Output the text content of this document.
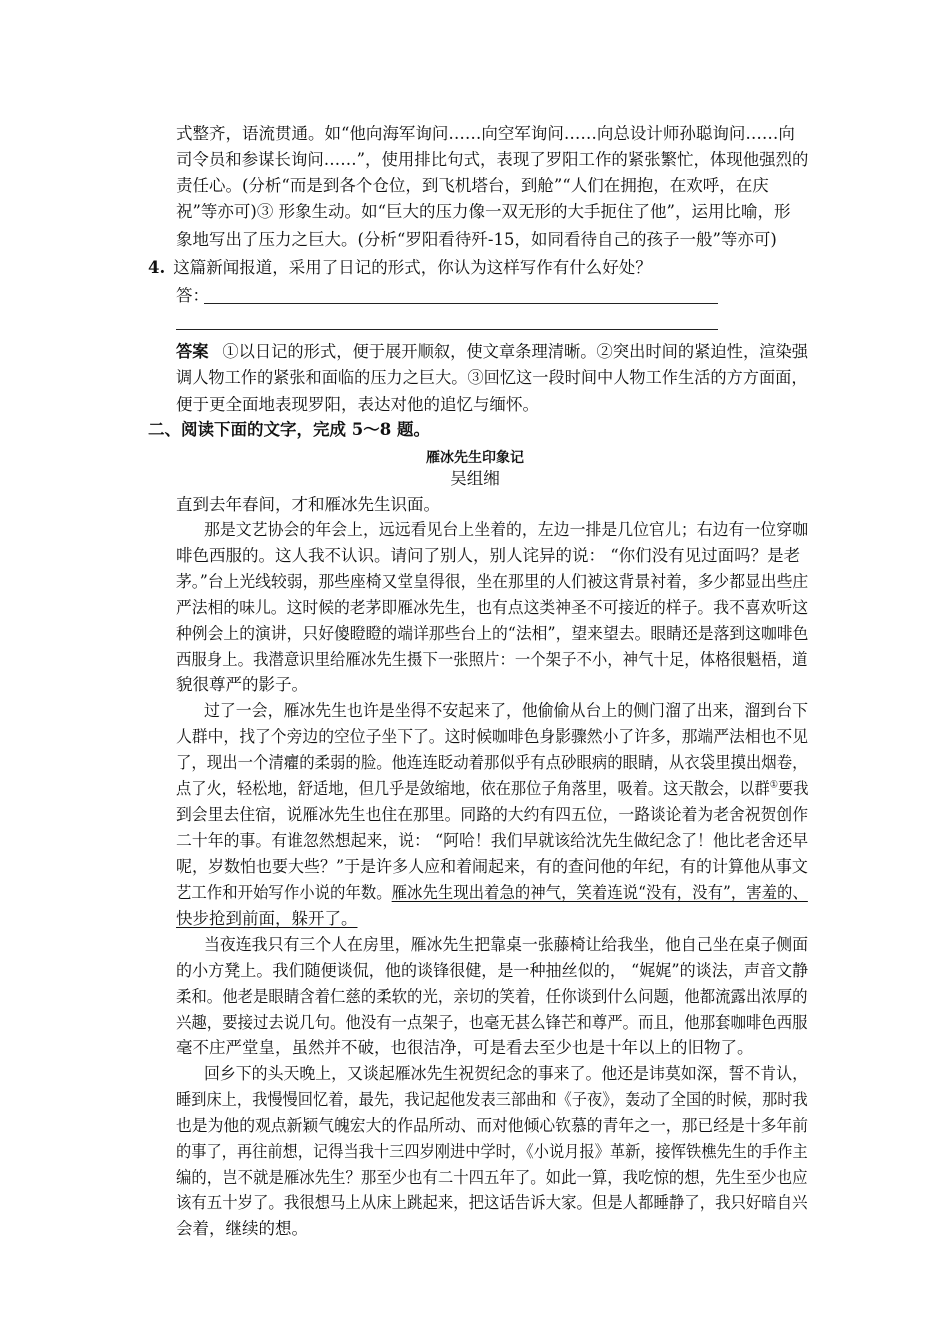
式整齐，语流贯通。如“他向海军询问……向空军询问……向总设计师孙聪询问……向
司令员和参谋长询问……”，使用排比句式，表现了罗阳工作的紧张繁忙，体现他强烈的
责任心。(分析“而是到各个仓位，到飞机塔台，到舱”“人们在拥抱，在欢呼，在庆
祝”等亦可)③ 形象生动。如“巨大的压力像一双无形的大手扼住了他”，运用比喻，形
象地写出了压力之巨大。(分析“罗阳看待歼-15，如同看待自己的孩子一般”等亦可)
4. 这篇新闻报道，采用了日记的形式，你认为这样写作有什么好处？
答：
答案 ①以日记的形式，便于展开顺叙，使文章条理清晰。②突出时间的紧迫性，渲染强
调人物工作的紧张和面临的压力之巨大。③回忆这一段时间中人物工作生活的方方面面，
便于更全面地表现罗阳，表达对他的追忆与缅怀。
二、阅读下面的文字，完成 5～8 题。
雁冰先生印象记
吴组缃
直到去年春间，才和雁冰先生识面。
那是文艺协会的年会上，远远看见台上坐着的，左边一排是几位官儿；右边有一位穿咖
啡色西服的。这人我不认识。请问了别人，别人诧异的说： “你们没有见过面吗？是老
茅。”台上光线较弱，那些座椅又堂皇得很，坐在那里的人们被这背景衬着，多少都显出些庄
严法相的味儿。这时候的老茅即雁冰先生，也有点这类神圣不可接近的样子。我不喜欢听这
种例会上的演讲，只好傻瞪瞪的端详那些台上的“法相”，望来望去。眼睛还是落到这咖啡色
西服身上。我潜意识里给雁冰先生摄下一张照片：一个架子不小，神气十足，体格很魁梧，道
貌很尊严的影子。
过了一会，雁冰先生也许是坐得不安起来了，他偷偷从台上的侧门溜了出来，溜到台下
人群中，找了个旁边的空位子坐下了。这时候咖啡色身影骤然小了许多，那端严法相也不见
了，现出一个清癯的柔弱的脸。他连连眨动着那似乎有点砂眼病的眼睛，从衣袋里摸出烟卷，
点了火，轻松地，舒适地，但几乎是敛缩地，依在那位子角落里，吸着。这天散会，以群①要我
到会里去住宿，说雁冰先生也住在那里。同路的大约有四五位，一路谈论着为老舍祝贺创作
二十年的事。有谁忽然想起来，说： “阿哈！我们早就该给沈先生做纪念了！他比老舍还早
呢，岁数怕也要大些？”于是许多人应和着闹起来，有的查问他的年纪，有的计算他从事文
艺工作和开始写作小说的年数。雁冰先生现出着急的神气，笑着连说“没有，没有”，害羞的、
快步抢到前面，躲开了。
当夜连我只有三个人在房里，雁冰先生把靠桌一张藤椅让给我坐，他自己坐在桌子侧面
的小方凳上。我们随便谈侃，他的谈锋很健，是一种抽丝似的， “娓娓”的谈法，声音文静
柔和。他老是眼睛含着仁慈的柔软的光，亲切的笑着，任你谈到什么问题，他都流露出浓厚的
兴趣，要接过去说几句。他没有一点架子，也毫无甚么锋芒和尊严。而且，他那套咖啡色西服
毫不庄严堂皇，虽然并不破，也很洁净，可是看去至少也是十年以上的旧物了。
回乡下的头天晚上，又谈起雁冰先生祝贺纪念的事来了。他还是讳莫如深，誓不肯认，
睡到床上，我慢慢回忆着，最先，我记起他发表三部曲和《子夜》，轰动了全国的时候，那时我
也是为他的观点新颖气魄宏大的作品所动、而对他倾心钦慕的青年之一，那已经是十多年前
的事了，再往前想，记得当我十三四岁刚进中学时，《小说月报》革新，接恽铁樵先生的手作主
编的，岂不就是雁冰先生？那至少也有二十四五年了。如此一算，我吃惊的想，先生至少也应
该有五十岁了。我很想马上从床上跳起来，把这话告诉大家。但是人都睡静了，我只好暗自兴
会着，继续的想。
